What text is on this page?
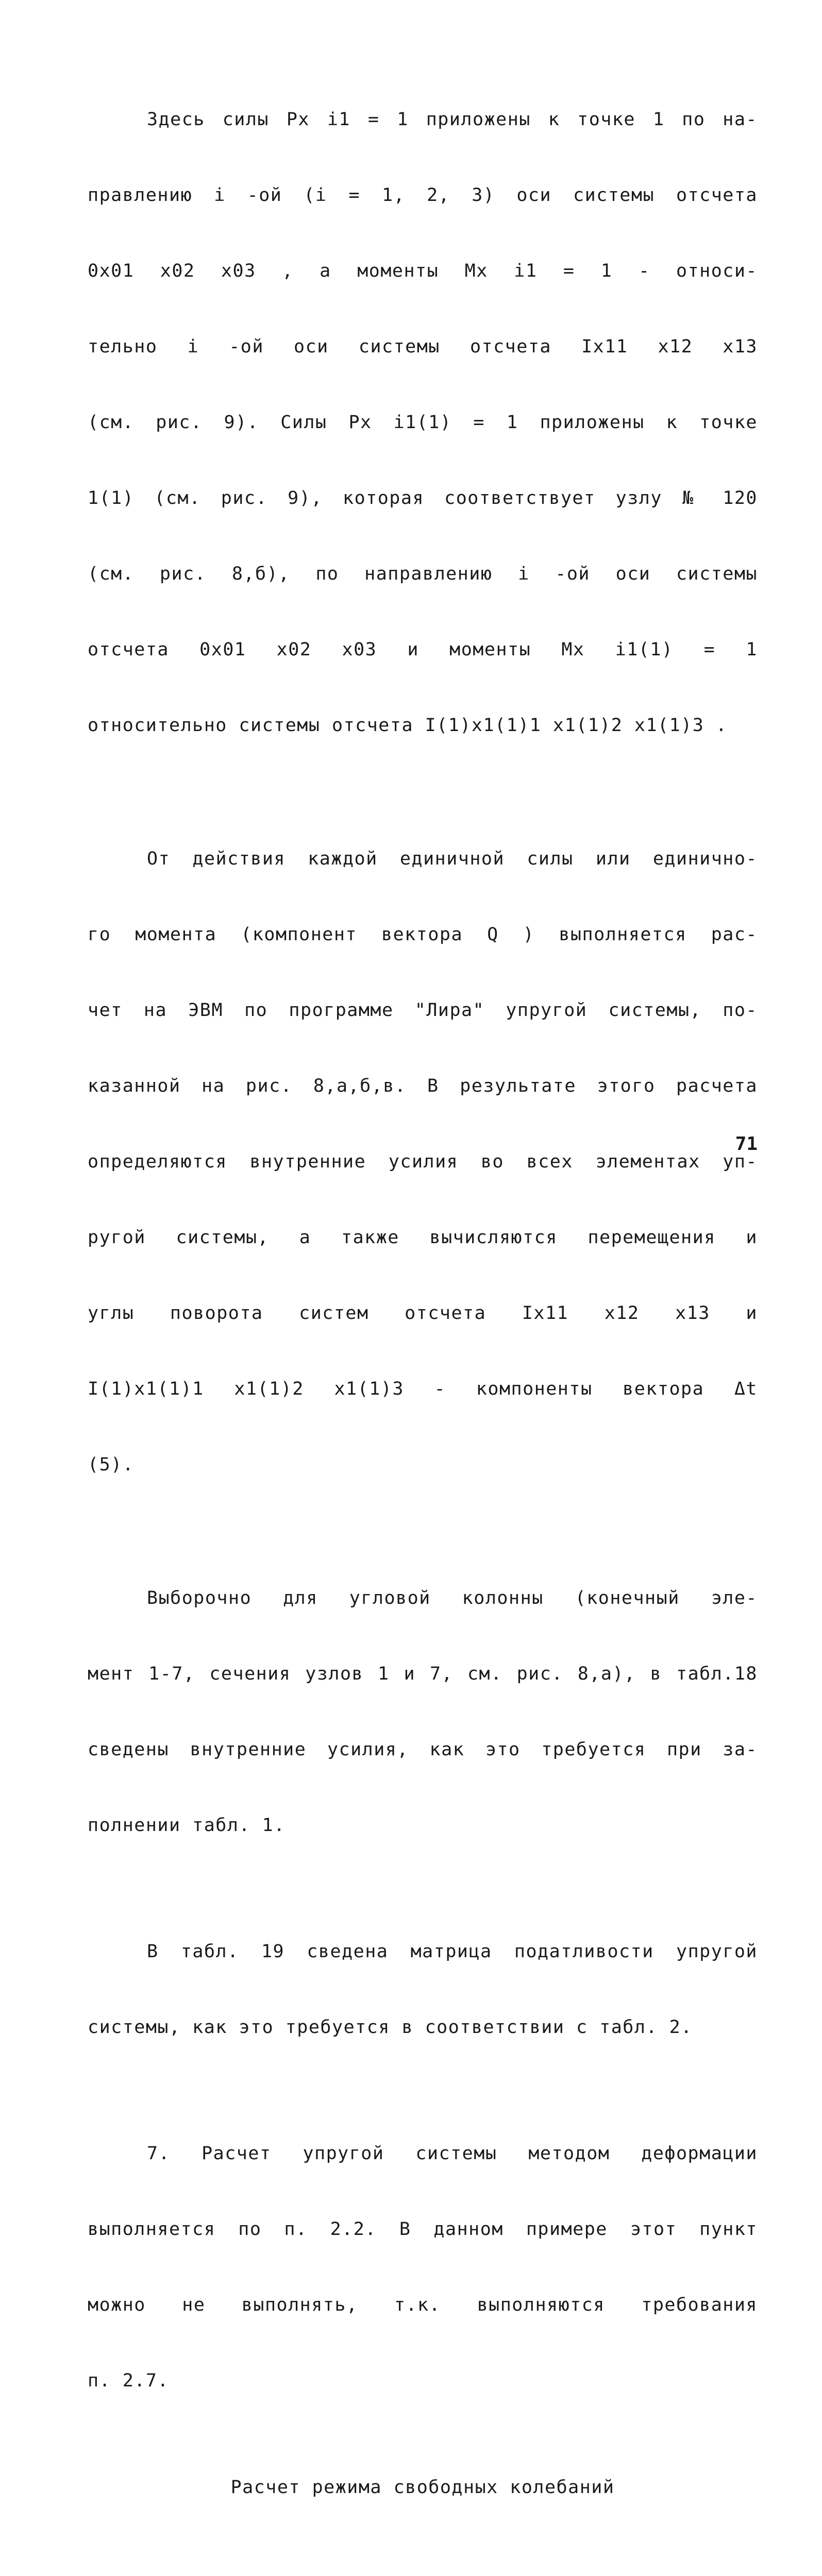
Здесь силы Px i1 = 1 приложены к точке 1 по на-

правлению i -ой (i = 1, 2, 3) оси системы отсчета

0x01 x02 x03 , а моменты Mx i1 = 1 - относи-

тельно i -ой оси системы отсчета Ix11 x12 x13

(см. рис. 9). Силы Px i1(1) = 1 приложены к точке

1(1) (см. рис. 9), которая соответствует узлу № 120

(см. рис. 8,б), по направлению i -ой оси системы

отсчета 0x01 x02 x03 и моменты Mx i1(1) = 1

относительно системы отсчета I(1)x1(1)1 x1(1)2 x1(1)3 .

От действия каждой единичной силы или единично-

го момента (компонент вектора Q ) выполняется рас-

чет на ЭВМ по программе "Лира" упругой системы, по-

казанной на рис. 8,а,б,в. В результате этого расчета

определяются внутренние усилия во всех элементах уп-

ругой системы, а также вычисляются перемещения и

углы поворота систем отсчета Ix11 x12 x13 и

I(1)x1(1)1 x1(1)2 x1(1)3 - компоненты вектора Δt

(5).

Выборочно для угловой колонны (конечный эле-

мент 1-7, сечения узлов 1 и 7, см. рис. 8,а), в табл.18

сведены внутренние усилия, как это требуется при за-

полнении табл. 1.

В табл. 19 сведена матрица податливости упругой

системы, как это требуется в соответствии с табл. 2.

7. Расчет упругой системы методом деформации

выполняется по п. 2.2. В данном примере этот пункт

можно не выполнять, т.к. выполняются требования

п. 2.7.

Расчет режима свободных колебаний

71
